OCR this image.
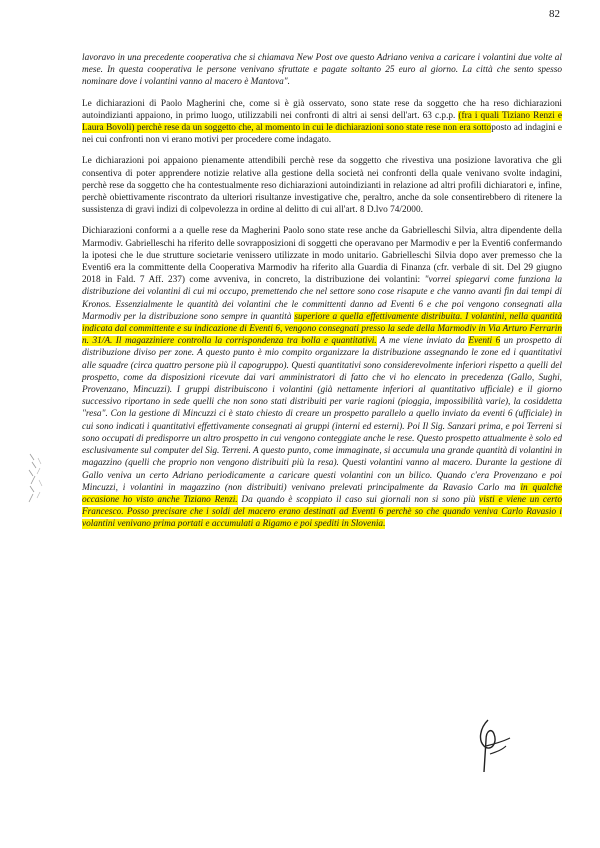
82

lavoravo in una precedente cooperativa che si chiamava New Post ove questo Adriano veniva a caricare i volantini due volte al mese. In questa cooperativa le persone venivano sfruttate e pagate soltanto 25 euro al giorno. La città che sento spesso nominare dove i volantini vanno al macero è Mantova".

Le dichiarazioni di Paolo Magherini che, come si è già osservato, sono state rese da soggetto che ha reso dichiarazioni autoindizianti appaiono, in primo luogo, utilizzabili nei confronti di altri ai sensi dell'art. 63 c.p.p. (fra i quali Tiziano Renzi e Laura Bovoli) perchè rese da un soggetto che, al momento in cui le dichiarazioni sono state rese non era sottoposto ad indagini e nei cui confronti non vi erano motivi per procedere come indagato.

Le dichiarazioni poi appaiono pienamente attendibili perchè rese da soggetto che rivestiva una posizione lavorativa che gli consentiva di poter apprendere notizie relative alla gestione della società nei confronti della quale venivano svolte indagini, perchè rese da soggetto che ha contestualmente reso dichiarazioni autoindizianti in relazione ad altri profili dichiaratori e, infine, perchè obiettivamente riscontrato da ulteriori risultanze investigative che, peraltro, anche da sole consentirebbero di ritenere la sussistenza di gravi indizi di colpevolezza in ordine al delitto di cui all'art. 8 D.lvo 74/2000.

Dichiarazioni conformi a a quelle rese da Magherini Paolo sono state rese anche da Gabrielleschi Silvia, altra dipendente della Marmodiv. Gabrielleschi ha riferito delle sovrapposizioni di soggetti che operavano per Marmodiv e per la Eventi6 confermando la ipotesi che le due strutture societarie venissero utilizzate in modo unitario. Gabrielleschi Silvia dopo aver premesso che la Eventi6 era la committente della Cooperativa Marmodiv ha riferito alla Guardia di Finanza (cfr. verbale di sit. Del 29 giugno 2018 in Fald. 7 Aff. 237) come avveniva, in concreto, la distribuzione dei volantini: "vorrei spiegarvi come funziona la distribuzione dei volantini di cui mi occupo, premettendo che nel settore sono cose risapute e che vanno avanti fin dai tempi di Kronos. Essenzialmente le quantità dei volantini che le committenti danno ad Eventi 6 e che poi vengono consegnati alla Marmodiv per la distribuzione sono sempre in quantità superiore a quella effettivamente distribuita. I volantini, nella quantità indicata dal committente e su indicazione di Eventi 6, vengono consegnati presso la sede della Marmodiv in Via Arturo Ferrarin n. 31/A. Il magazziniere controlla la corrispondenza tra bolla e quantitativi. A me viene inviato da Eventi 6 un prospetto di distribuzione diviso per zone. A questo punto è mio compito organizzare la distribuzione assegnando le zone ed i quantitativi alle squadre (circa quattro persone più il capogruppo). Questi quantitativi sono considerevolmente inferiori rispetto a quelli del prospetto, come da disposizioni ricevute dai vari amministratori di fatto che vi ho elencato in precedenza (Gallo, Sughi, Provenzano, Mincuzzi). I gruppi distribuiscono i volantini (già nettamente inferiori al quantitativo ufficiale) e il giorno successivo riportano in sede quelli che non sono stati distribuiti per varie ragioni (pioggia, impossibilità varie), la cosiddetta "resa". Con la gestione di Mincuzzi ci è stato chiesto di creare un prospetto parallelo a quello inviato da eventi 6 (ufficiale) in cui sono indicati i quantitativi effettivamente consegnati ai gruppi (interni ed esterni). Poi Il Sig. Sanzari prima, e poi Terreni si sono occupati di predisporre un altro prospetto in cui vengono conteggiate anche le rese. Questo prospetto attualmente è solo ed esclusivamente sul computer del Sig. Terreni. A questo punto, come immaginate, si accumula una grande quantità di volantini in magazzino (quelli che proprio non vengono distribuiti più la resa). Questi volantini vanno al macero. Durante la gestione di Gallo veniva un certo Adriano periodicamente a caricare questi volantini con un bilico. Quando c'era Provenzano e poi Mincuzzi, i volantini in magazzino (non distribuiti) venivano prelevati principalmente da Ravasio Carlo ma in qualche occasione ho visto anche Tiziano Renzi. Da quando è scoppiato il caso sui giornali non si sono più visti e viene un certo Francesco. Posso precisare che i soldi del macero erano destinati ad Eventi 6 perchè so che quando veniva Carlo Ravasio i volantini venivano prima portati e accumulati a Rigamo e poi spediti in Slovenia.
